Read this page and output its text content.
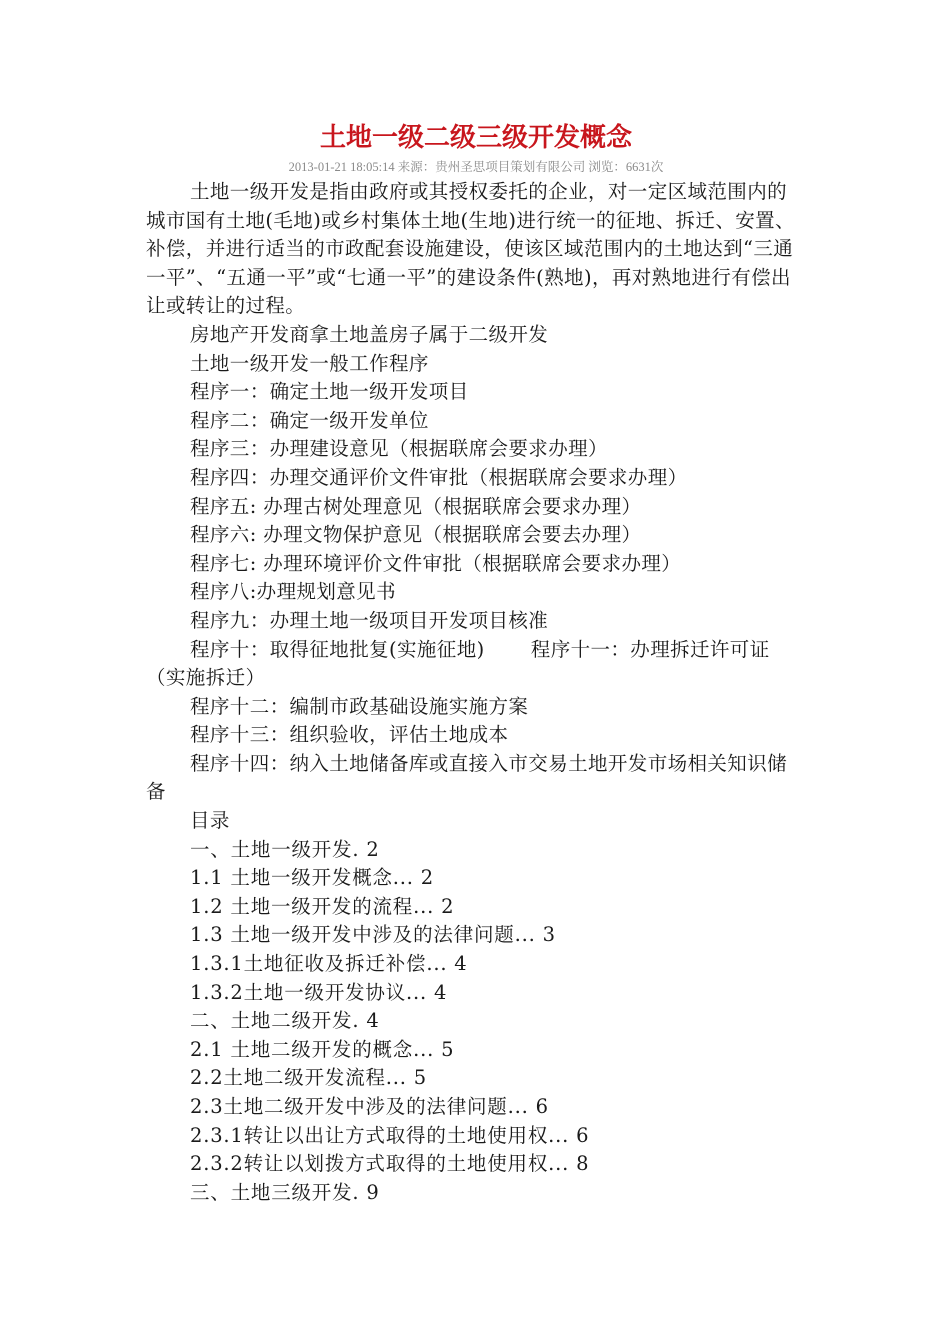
土地一级二级三级开发概念
2013-01-21 18:05:14 来源：贵州圣思项目策划有限公司 浏览：6631次

土地一级开发是指由政府或其授权委托的企业，对一定区域范围内的城市国有土地(毛地)或乡村集体土地(生地)进行统一的征地、拆迁、安置、补偿，并进行适当的市政配套设施建设，使该区域范围内的土地达到“三通一平”、“五通一平”或“七通一平”的建设条件(熟地)，再对熟地进行有偿出让或转让的过程。

房地产开发商拿土地盖房子属于二级开发

土地一级开发一般工作程序

程序一：确定土地一级开发项目

程序二：确定一级开发单位

程序三：办理建设意见（根据联席会要求办理）

程序四：办理交通评价文件审批（根据联席会要求办理）

程序五: 办理古树处理意见（根据联席会要求办理）

程序六: 办理文物保护意见（根据联席会要去办理）

程序七: 办理环境评价文件审批（根据联席会要求办理）

程序八:办理规划意见书

程序九：办理土地一级项目开发项目核准

程序十：取得征地批复(实施征地)       程序十一：办理拆迁许可证（实施拆迁）

程序十二：编制市政基础设施实施方案

程序十三：组织验收，评估土地成本

程序十四：纳入土地储备库或直接入市交易土地开发市场相关知识储备

目录

一、土地一级开发. 2

1.1 土地一级开发概念... 2

1.2 土地一级开发的流程... 2

1.3 土地一级开发中涉及的法律问题... 3

1.3.1土地征收及拆迁补偿... 4

1.3.2土地一级开发协议... 4

二、土地二级开发. 4

2.1 土地二级开发的概念... 5

2.2土地二级开发流程... 5

2.3土地二级开发中涉及的法律问题... 6

2.3.1转让以出让方式取得的土地使用权... 6

2.3.2转让以划拨方式取得的土地使用权... 8

三、土地三级开发. 9
